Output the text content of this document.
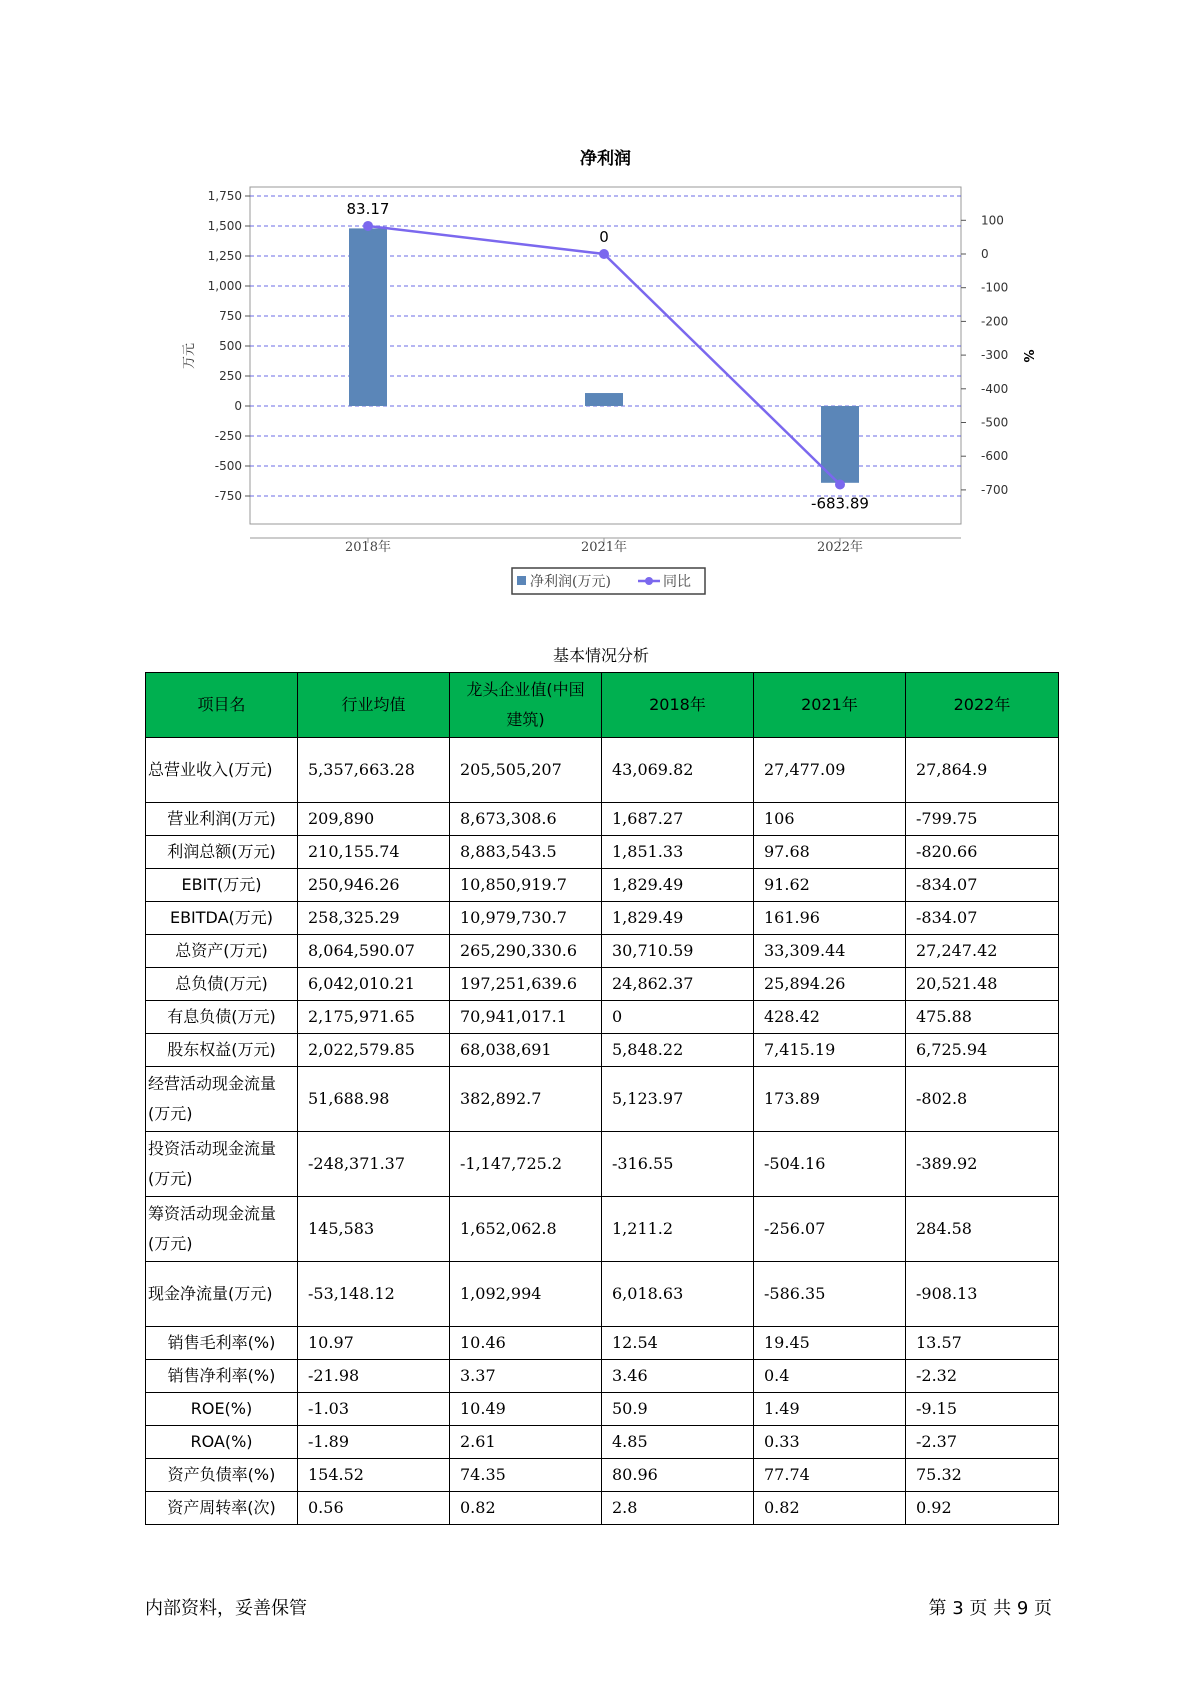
净利润
1,750
1,500
1,250
1,000
750
500
250
0
-250
-500
-750
100
0
-100
-200
-300
-400
-500
-600
-700
万元	%
2018年	2021年	2022年
83.17
0
-683.89
净利润(万元)	同比
基本情况分析
项目名	行业均值	龙头企业值(中国建筑)	2018年	2021年	2022年
总营业收入(万元)	5,357,663.28	205,505,207	43,069.82	27,477.09	27,864.9
营业利润(万元)	209,890	8,673,308.6	1,687.27	106	-799.75
利润总额(万元)	210,155.74	8,883,543.5	1,851.33	97.68	-820.66
EBIT(万元)	250,946.26	10,850,919.7	1,829.49	91.62	-834.07
EBITDA(万元)	258,325.29	10,979,730.7	1,829.49	161.96	-834.07
总资产(万元)	8,064,590.07	265,290,330.6	30,710.59	33,309.44	27,247.42
总负债(万元)	6,042,010.21	197,251,639.6	24,862.37	25,894.26	20,521.48
有息负债(万元)	2,175,971.65	70,941,017.1	0	428.42	475.88
股东权益(万元)	2,022,579.85	68,038,691	5,848.22	7,415.19	6,725.94
经营活动现金流量(万元)	51,688.98	382,892.7	5,123.97	173.89	-802.8
投资活动现金流量(万元)	-248,371.37	-1,147,725.2	-316.55	-504.16	-389.92
筹资活动现金流量(万元)	145,583	1,652,062.8	1,211.2	-256.07	284.58
现金净流量(万元)	-53,148.12	1,092,994	6,018.63	-586.35	-908.13
销售毛利率(%)	10.97	10.46	12.54	19.45	13.57
销售净利率(%)	-21.98	3.37	3.46	0.4	-2.32
ROE(%)	-1.03	10.49	50.9	1.49	-9.15
ROA(%)	-1.89	2.61	4.85	0.33	-2.37
资产负债率(%)	154.52	74.35	80.96	77.74	75.32
资产周转率(次)	0.56	0.82	2.8	0.82	0.92
内部资料，妥善保管	第 3 页 共 9 页
